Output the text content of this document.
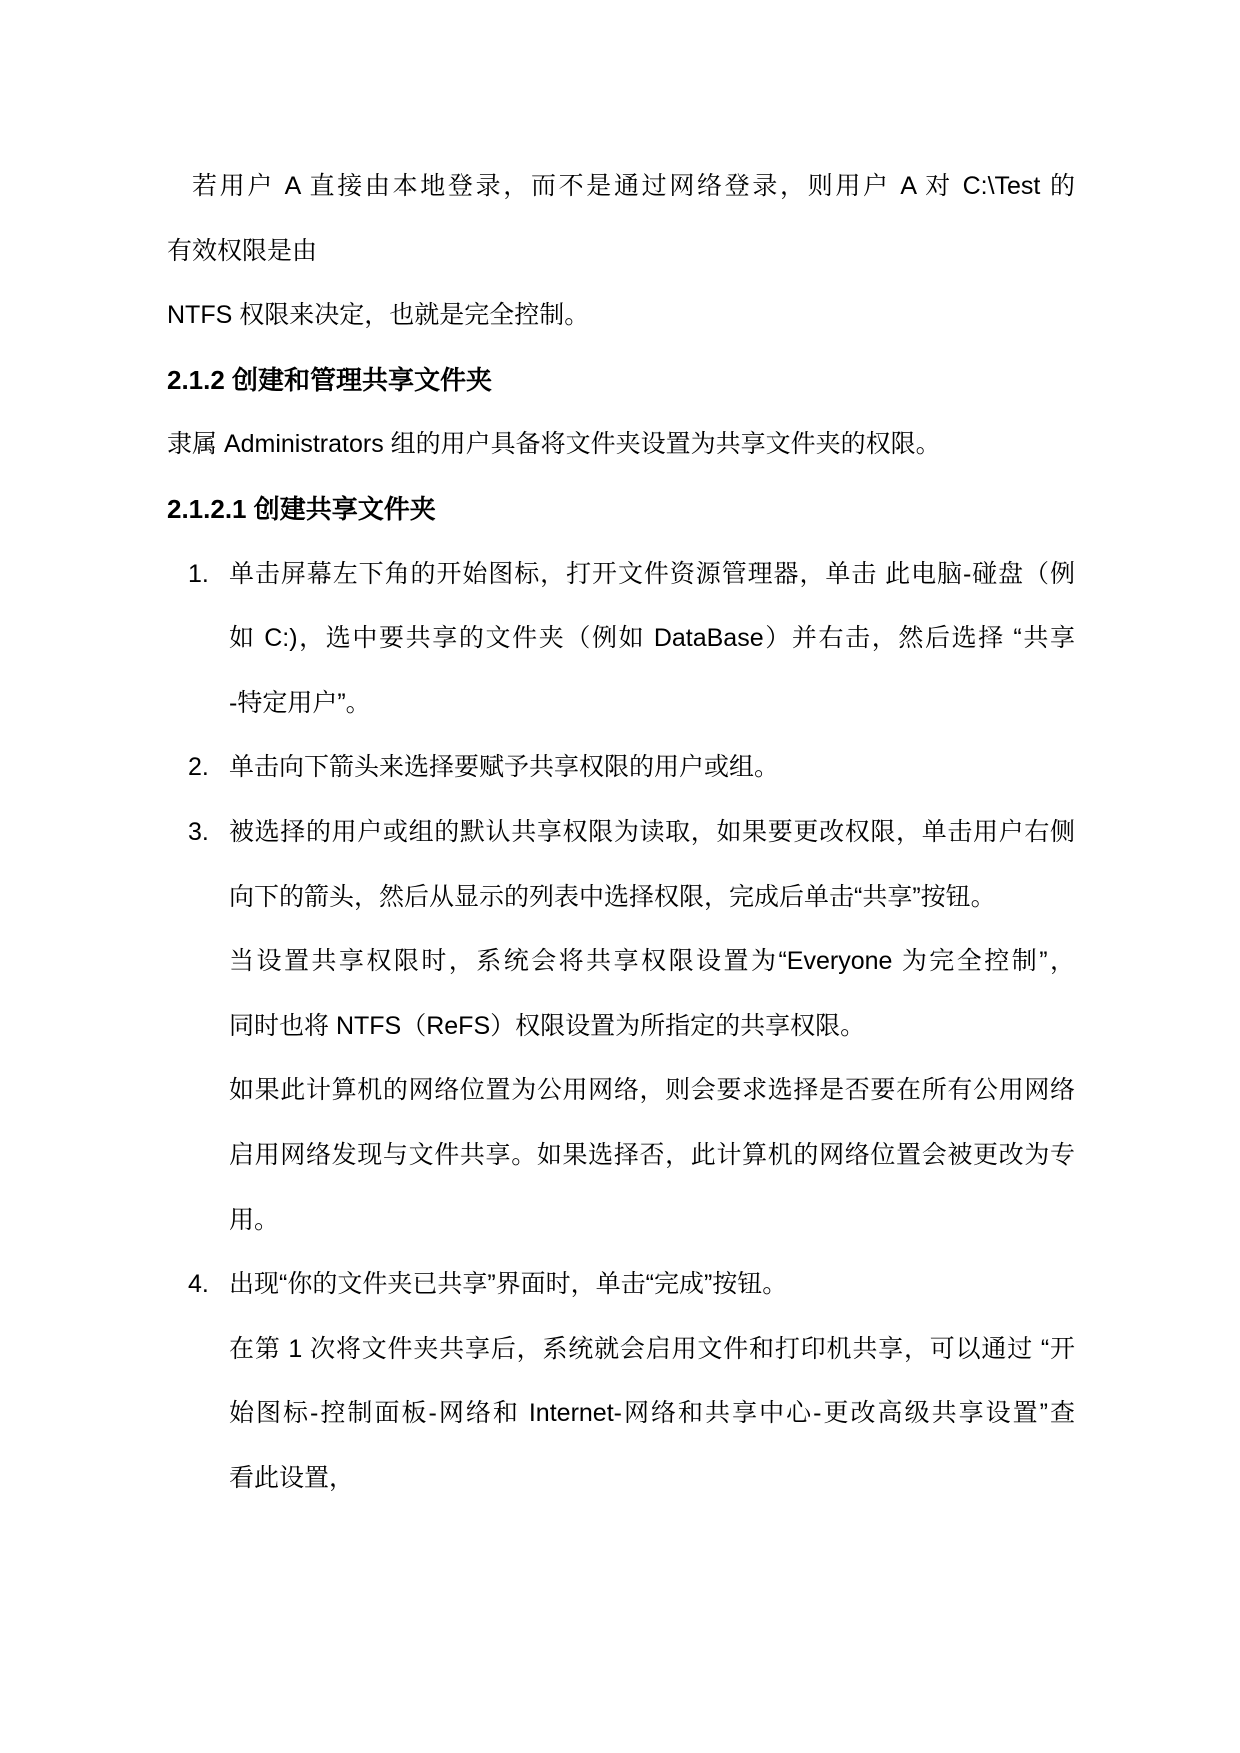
若用户 A 直接由本地登录，而不是通过网络登录，则用户 A 对 C:\Test 的
有效权限是由
NTFS 权限来决定，也就是完全控制。
2.1.2 创建和管理共享文件夹
隶属 Administrators 组的用户具备将文件夹设置为共享文件夹的权限。
2.1.2.1 创建共享文件夹
1. 单击屏幕左下角的开始图标，打开文件资源管理器，单击 此电脑-碰盘（例
如 C:)，选中要共享的文件夹（例如 DataBase）并右击，然后选择 “共享
-特定用户”。
2. 单击向下箭头来选择要赋予共享权限的用户或组。
3. 被选择的用户或组的默认共享权限为读取，如果要更改权限，单击用户右侧
向下的箭头，然后从显示的列表中选择权限，完成后单击“共享”按钮。
当设置共享权限时，系统会将共享权限设置为“Everyone 为完全控制”，
同时也将 NTFS（ReFS）权限设置为所指定的共享权限。
如果此计算机的网络位置为公用网络，则会要求选择是否要在所有公用网络
启用网络发现与文件共享。如果选择否，此计算机的网络位置会被更改为专
用。
4. 出现“你的文件夹已共享”界面时，单击“完成”按钮。
在第 1 次将文件夹共享后，系统就会启用文件和打印机共享，可以通过 “开
始图标-控制面板-网络和 Internet-网络和共享中心-更改高级共享设置”查
看此设置，
